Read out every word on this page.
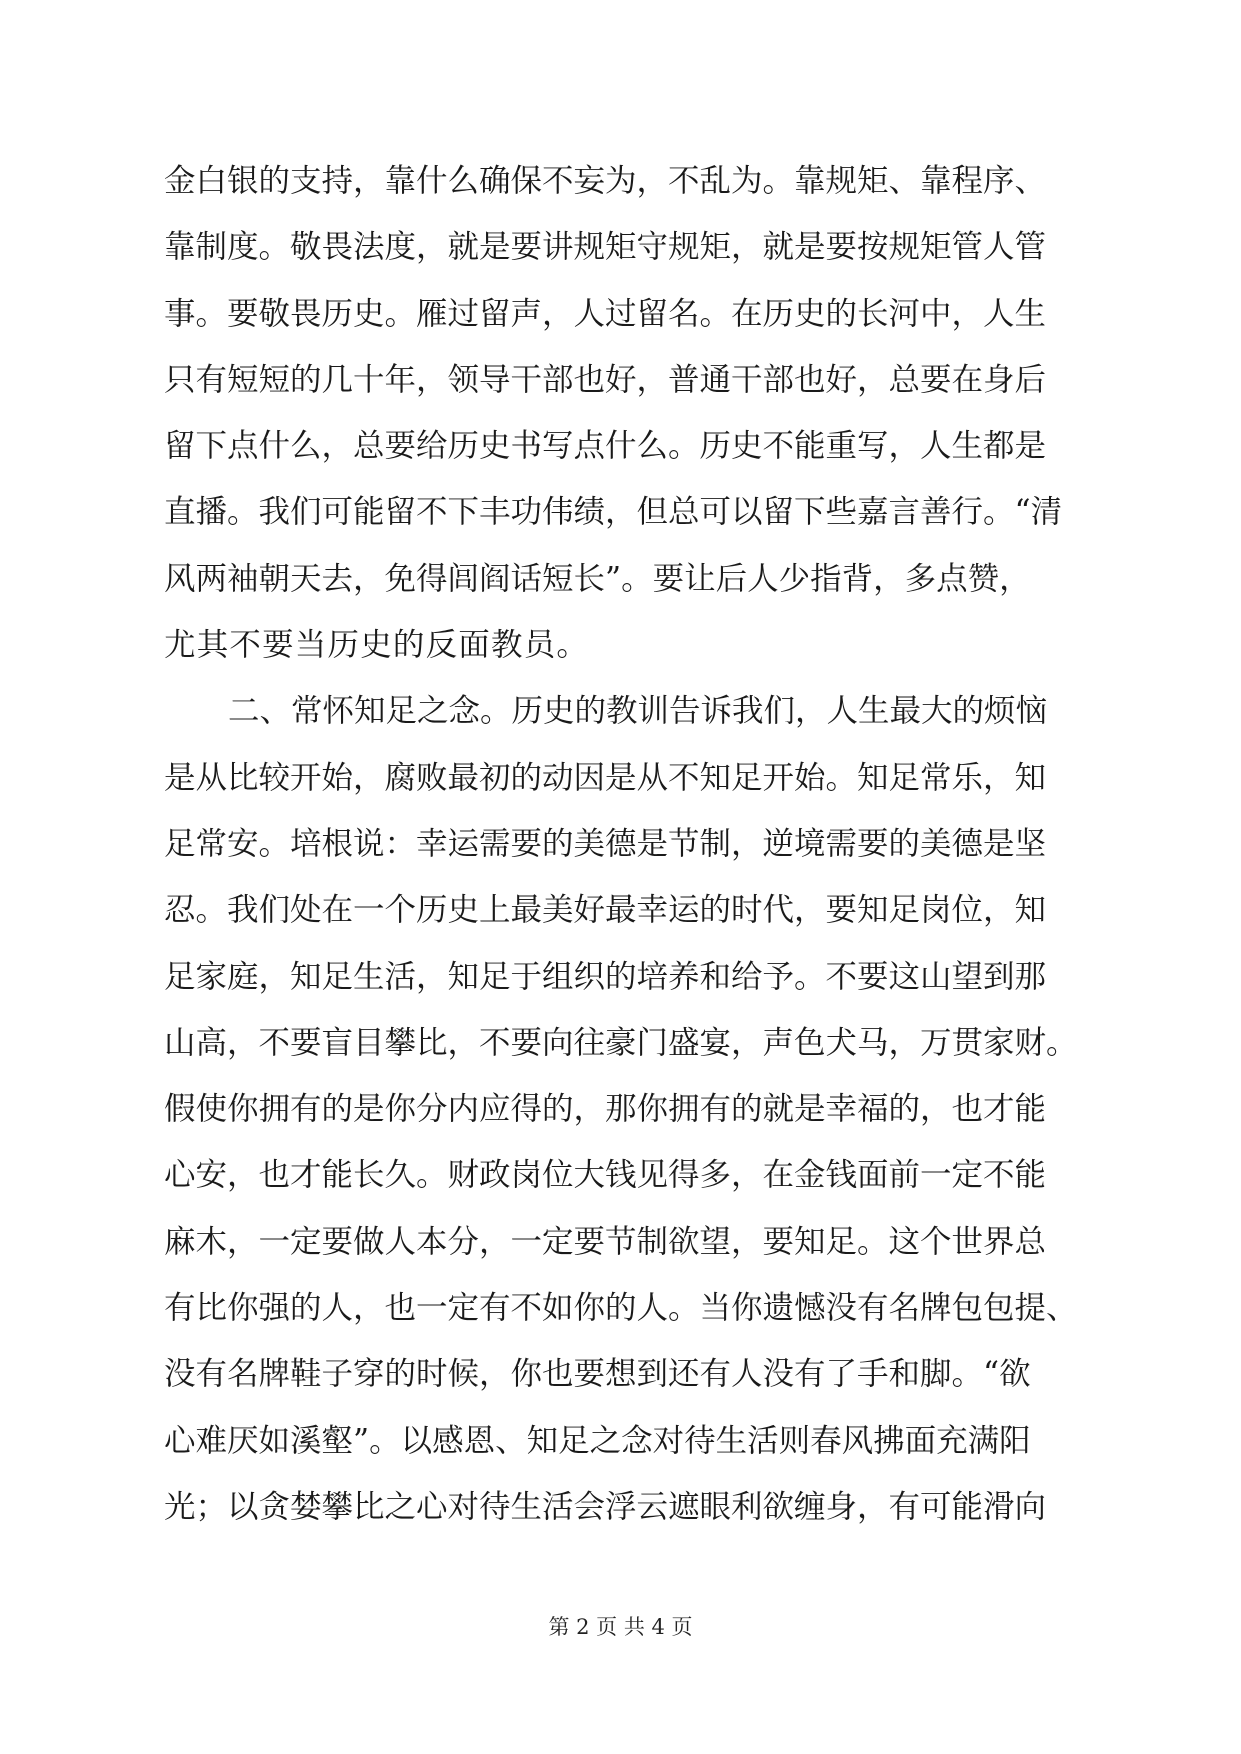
金白银的支持，靠什么确保不妄为，不乱为。靠规矩、靠程序、
靠制度。敬畏法度，就是要讲规矩守规矩，就是要按规矩管人管
事。要敬畏历史。雁过留声，人过留名。在历史的长河中，人生
只有短短的几十年，领导干部也好，普通干部也好，总要在身后
留下点什么，总要给历史书写点什么。历史不能重写，人生都是
直播。我们可能留不下丰功伟绩，但总可以留下些嘉言善行。“清
风两袖朝天去，免得闾阎话短长”。要让后人少指背，多点赞，
尤其不要当历史的反面教员。
二、常怀知足之念。历史的教训告诉我们，人生最大的烦恼
是从比较开始，腐败最初的动因是从不知足开始。知足常乐，知
足常安。培根说：幸运需要的美德是节制，逆境需要的美德是坚
忍。我们处在一个历史上最美好最幸运的时代，要知足岗位，知
足家庭，知足生活，知足于组织的培养和给予。不要这山望到那
山高，不要盲目攀比，不要向往豪门盛宴，声色犬马，万贯家财。
假使你拥有的是你分内应得的，那你拥有的就是幸福的，也才能
心安，也才能长久。财政岗位大钱见得多，在金钱面前一定不能
麻木，一定要做人本分，一定要节制欲望，要知足。这个世界总
有比你强的人，也一定有不如你的人。当你遗憾没有名牌包包提、
没有名牌鞋子穿的时候，你也要想到还有人没有了手和脚。“欲
心难厌如溪壑”。以感恩、知足之念对待生活则春风拂面充满阳
光；以贪婪攀比之心对待生活会浮云遮眼利欲缠身，有可能滑向
第 2 页 共 4 页
